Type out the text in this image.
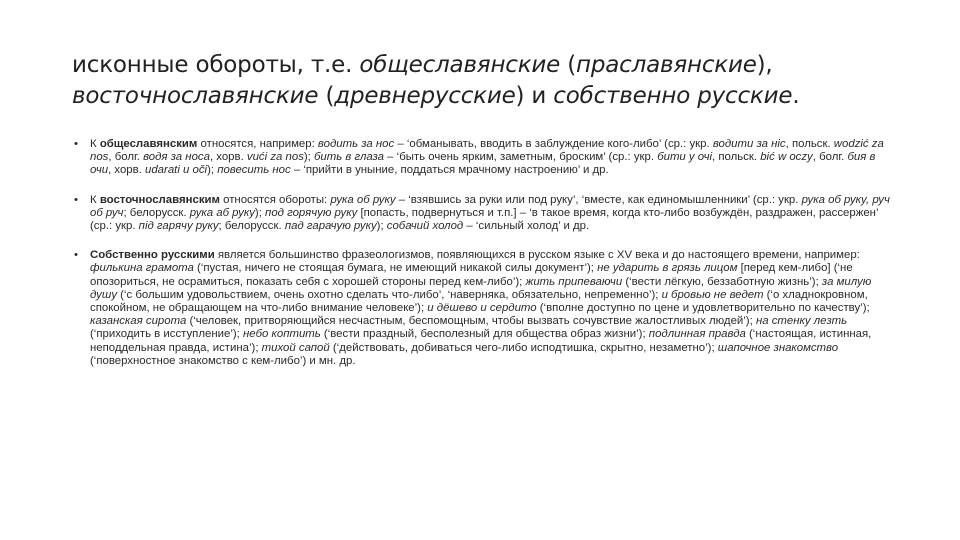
исконные обороты, т.е. общеславянские (праславянские),
восточнославянские (древнерусские) и собственно русские.
• К общеславянским относятся, например: водить за нос – ‘обманывать, вводить в заблуждение кого-либо’ (ср.: укр. водити за ніс, польск. wodzić za nos, болг. водя за носа, хорв. vući za nos); бить в глаза – ‘быть очень ярким, заметным, броским’ (ср.: укр. бити у очі, польск. bić w oczy, болг. бия в очи, хорв. udarati u oči); повесить нос – ‘прийти в уныние, поддаться мрачному настроению’ и др.
• К восточнославянским относятся обороты: рука об руку – ‘взявшись за руки или под руку’, ‘вместе, как единомышленники’ (ср.: укр. рука об руку, руч об руч; белорусск. рука аб руку); под горячую руку [попасть, подвернуться и т.п.] – ‘в такое время, когда кто-либо возбуждён, раздражен, рассержен’ (ср.: укр. під гарячу руку; белорусск. пад гарачую руку); собачий холод – ‘сильный холод’ и др.
• Собственно русскими является большинство фразеологизмов, появляющихся в русском языке с XV века и до настоящего времени, например: филькина грамота (‘пустая, ничего не стоящая бумага, не имеющий никакой силы документ’); не ударить в грязь лицом [перед кем-либо] (‘не опозориться, не осрамиться, показать себя с хорошей стороны перед кем-либо’); жить припеваючи (‘вести лёгкую, беззаботную жизнь’); за милую душу (‘с большим удовольствием, очень охотно сделать что-либо’, ‘наверняка, обязательно, непременно’); и бровью не ведет (‘о хладнокровном, спокойном, не обращающем на что-либо внимание человеке’); и дёшево и сердито (‘вполне доступно по цене и удовлетворительно по качеству’); казанская сирота (‘человек, притворяющийся несчастным, беспомощным, чтобы вызвать сочувствие жалостливых людей’); на стенку лезть (‘приходить в исступление’); небо коптить (‘вести праздный, бесполезный для общества образ жизни’); подлинная правда (‘настоящая, истинная, неподдельная правда, истина’); тихой сапой (‘действовать, добиваться чего-либо исподтишка, скрытно, незаметно’); шапочное знакомство (‘поверхностное знакомство с кем-либо’) и мн. др.
